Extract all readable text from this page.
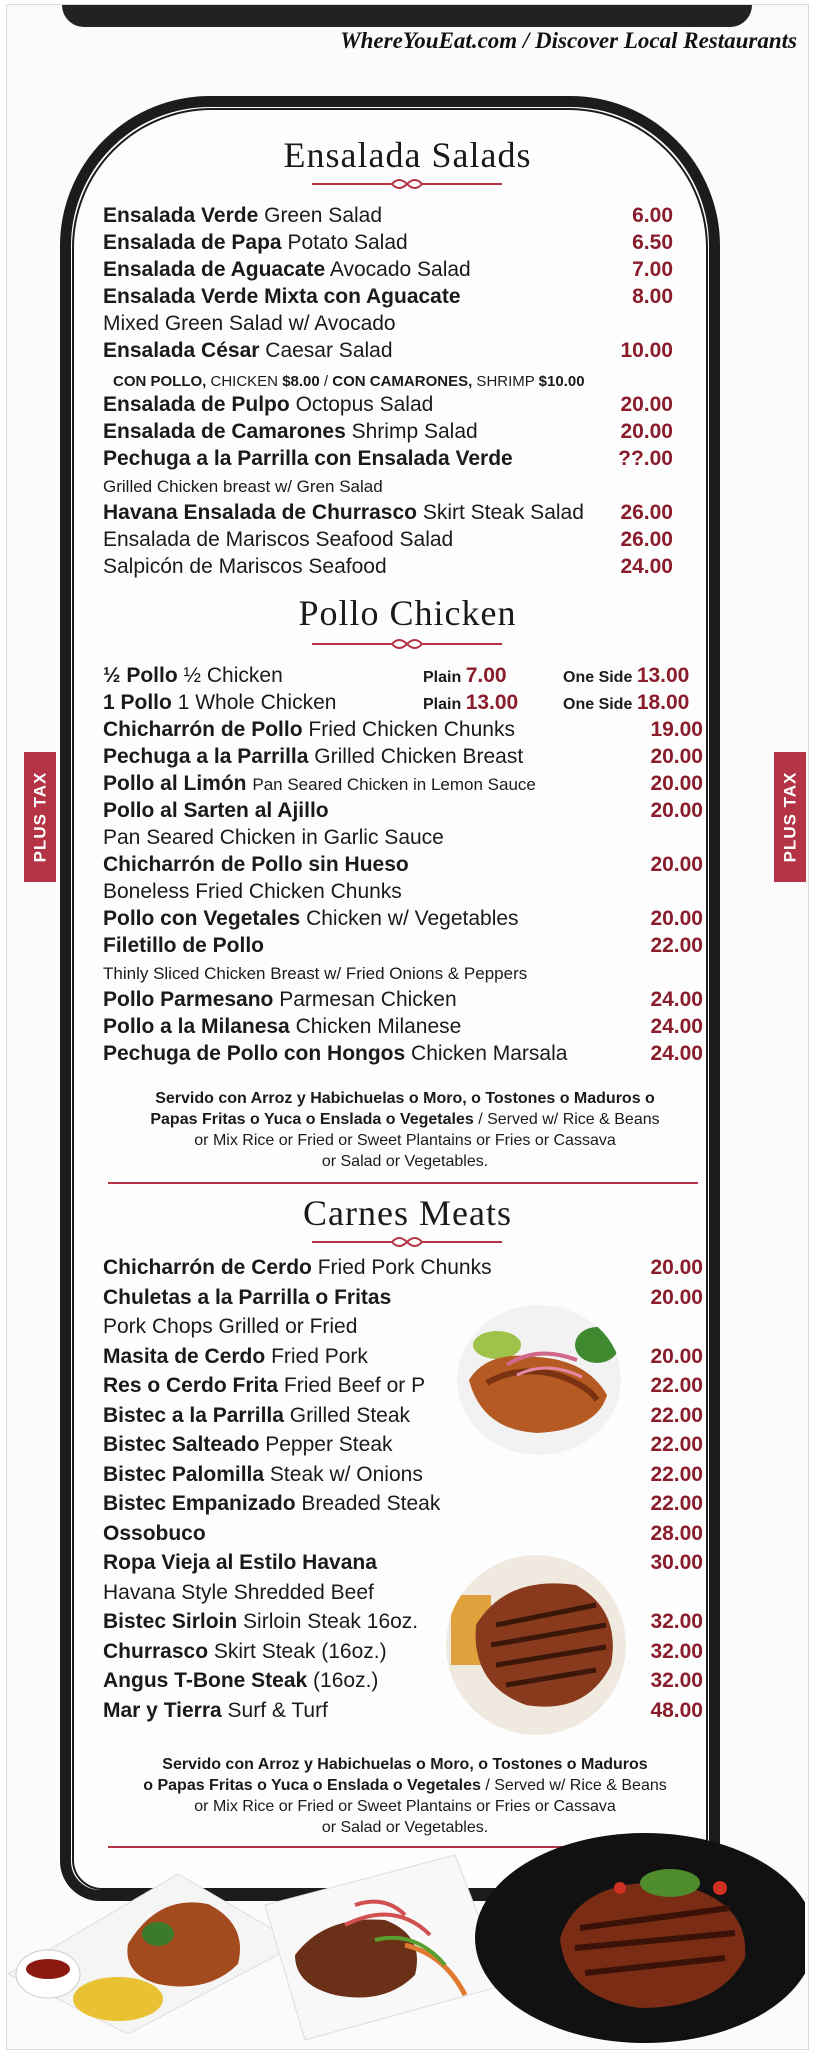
WhereYouEat.com / Discover Local Restaurants
PLUS TAX	PLUS TAX
Ensalada Salads
Ensalada Verde Green Salad	6.00
Ensalada de Papa Potato Salad	6.50
Ensalada de Aguacate Avocado Salad	7.00
Ensalada Verde Mixta con Aguacate	8.00
Mixed Green Salad w/ Avocado
Ensalada César Caesar Salad	10.00
CON POLLO, CHICKEN $8.00 / CON CAMARONES, SHRIMP $10.00
Ensalada de Pulpo Octopus Salad	20.00
Ensalada de Camarones Shrimp Salad	20.00
Pechuga a la Parrilla con Ensalada Verde	??.00
Grilled Chicken breast w/ Gren Salad
Havana Ensalada de Churrasco Skirt Steak Salad 26.00
Ensalada de Mariscos Seafood Salad	26.00
Salpicón de Mariscos Seafood	24.00
Pollo Chicken
½ Pollo ½ Chicken	Plain 7.00	One Side 13.00
1 Pollo 1 Whole Chicken	Plain 13.00	One Side 18.00
Chicharrón de Pollo Fried Chicken Chunks	19.00
Pechuga a la Parrilla Grilled Chicken Breast	20.00
Pollo al Limón Pan Seared Chicken in Lemon Sauce	20.00
Pollo al Sarten al Ajillo	20.00
Pan Seared Chicken in Garlic Sauce
Chicharrón de Pollo sin Hueso	20.00
Boneless Fried Chicken Chunks
Pollo con Vegetales Chicken w/ Vegetables	20.00
Filetillo de Pollo	22.00
Thinly Sliced Chicken Breast w/ Fried Onions & Peppers
Pollo Parmesano Parmesan Chicken	24.00
Pollo a la Milanesa Chicken Milanese	24.00
Pechuga de Pollo con Hongos Chicken Marsala	24.00
Servido con Arroz y Habichuelas o Moro, o Tostones o Maduros o
Papas Fritas o Yuca o Enslada o Vegetales / Served w/ Rice & Beans
or Mix Rice or Fried or Sweet Plantains or Fries or Cassava
or Salad or Vegetables.
Carnes Meats
Chicharrón de Cerdo Fried Pork Chunks	20.00
Chuletas a la Parrilla o Fritas	20.00
Pork Chops Grilled or Fried
Masita de Cerdo Fried Pork	20.00
Res o Cerdo Frita Fried Beef or P	22.00
Bistec a la Parrilla Grilled Steak	22.00
Bistec Salteado Pepper Steak	22.00
Bistec Palomilla Steak w/ Onions	22.00
Bistec Empanizado Breaded Steak	22.00
Ossobuco	28.00
Ropa Vieja al Estilo Havana	30.00
Havana Style Shredded Beef
Bistec Sirloin Sirloin Steak 16oz.	32.00
Churrasco Skirt Steak (16oz.)	32.00
Angus T-Bone Steak (16oz.)	32.00
Mar y Tierra Surf & Turf	48.00
Servido con Arroz y Habichuelas o Moro, o Tostones o Maduros
o Papas Fritas o Yuca o Enslada o Vegetales / Served w/ Rice & Beans
or Mix Rice or Fried or Sweet Plantains or Fries or Cassava
or Salad or Vegetables.
